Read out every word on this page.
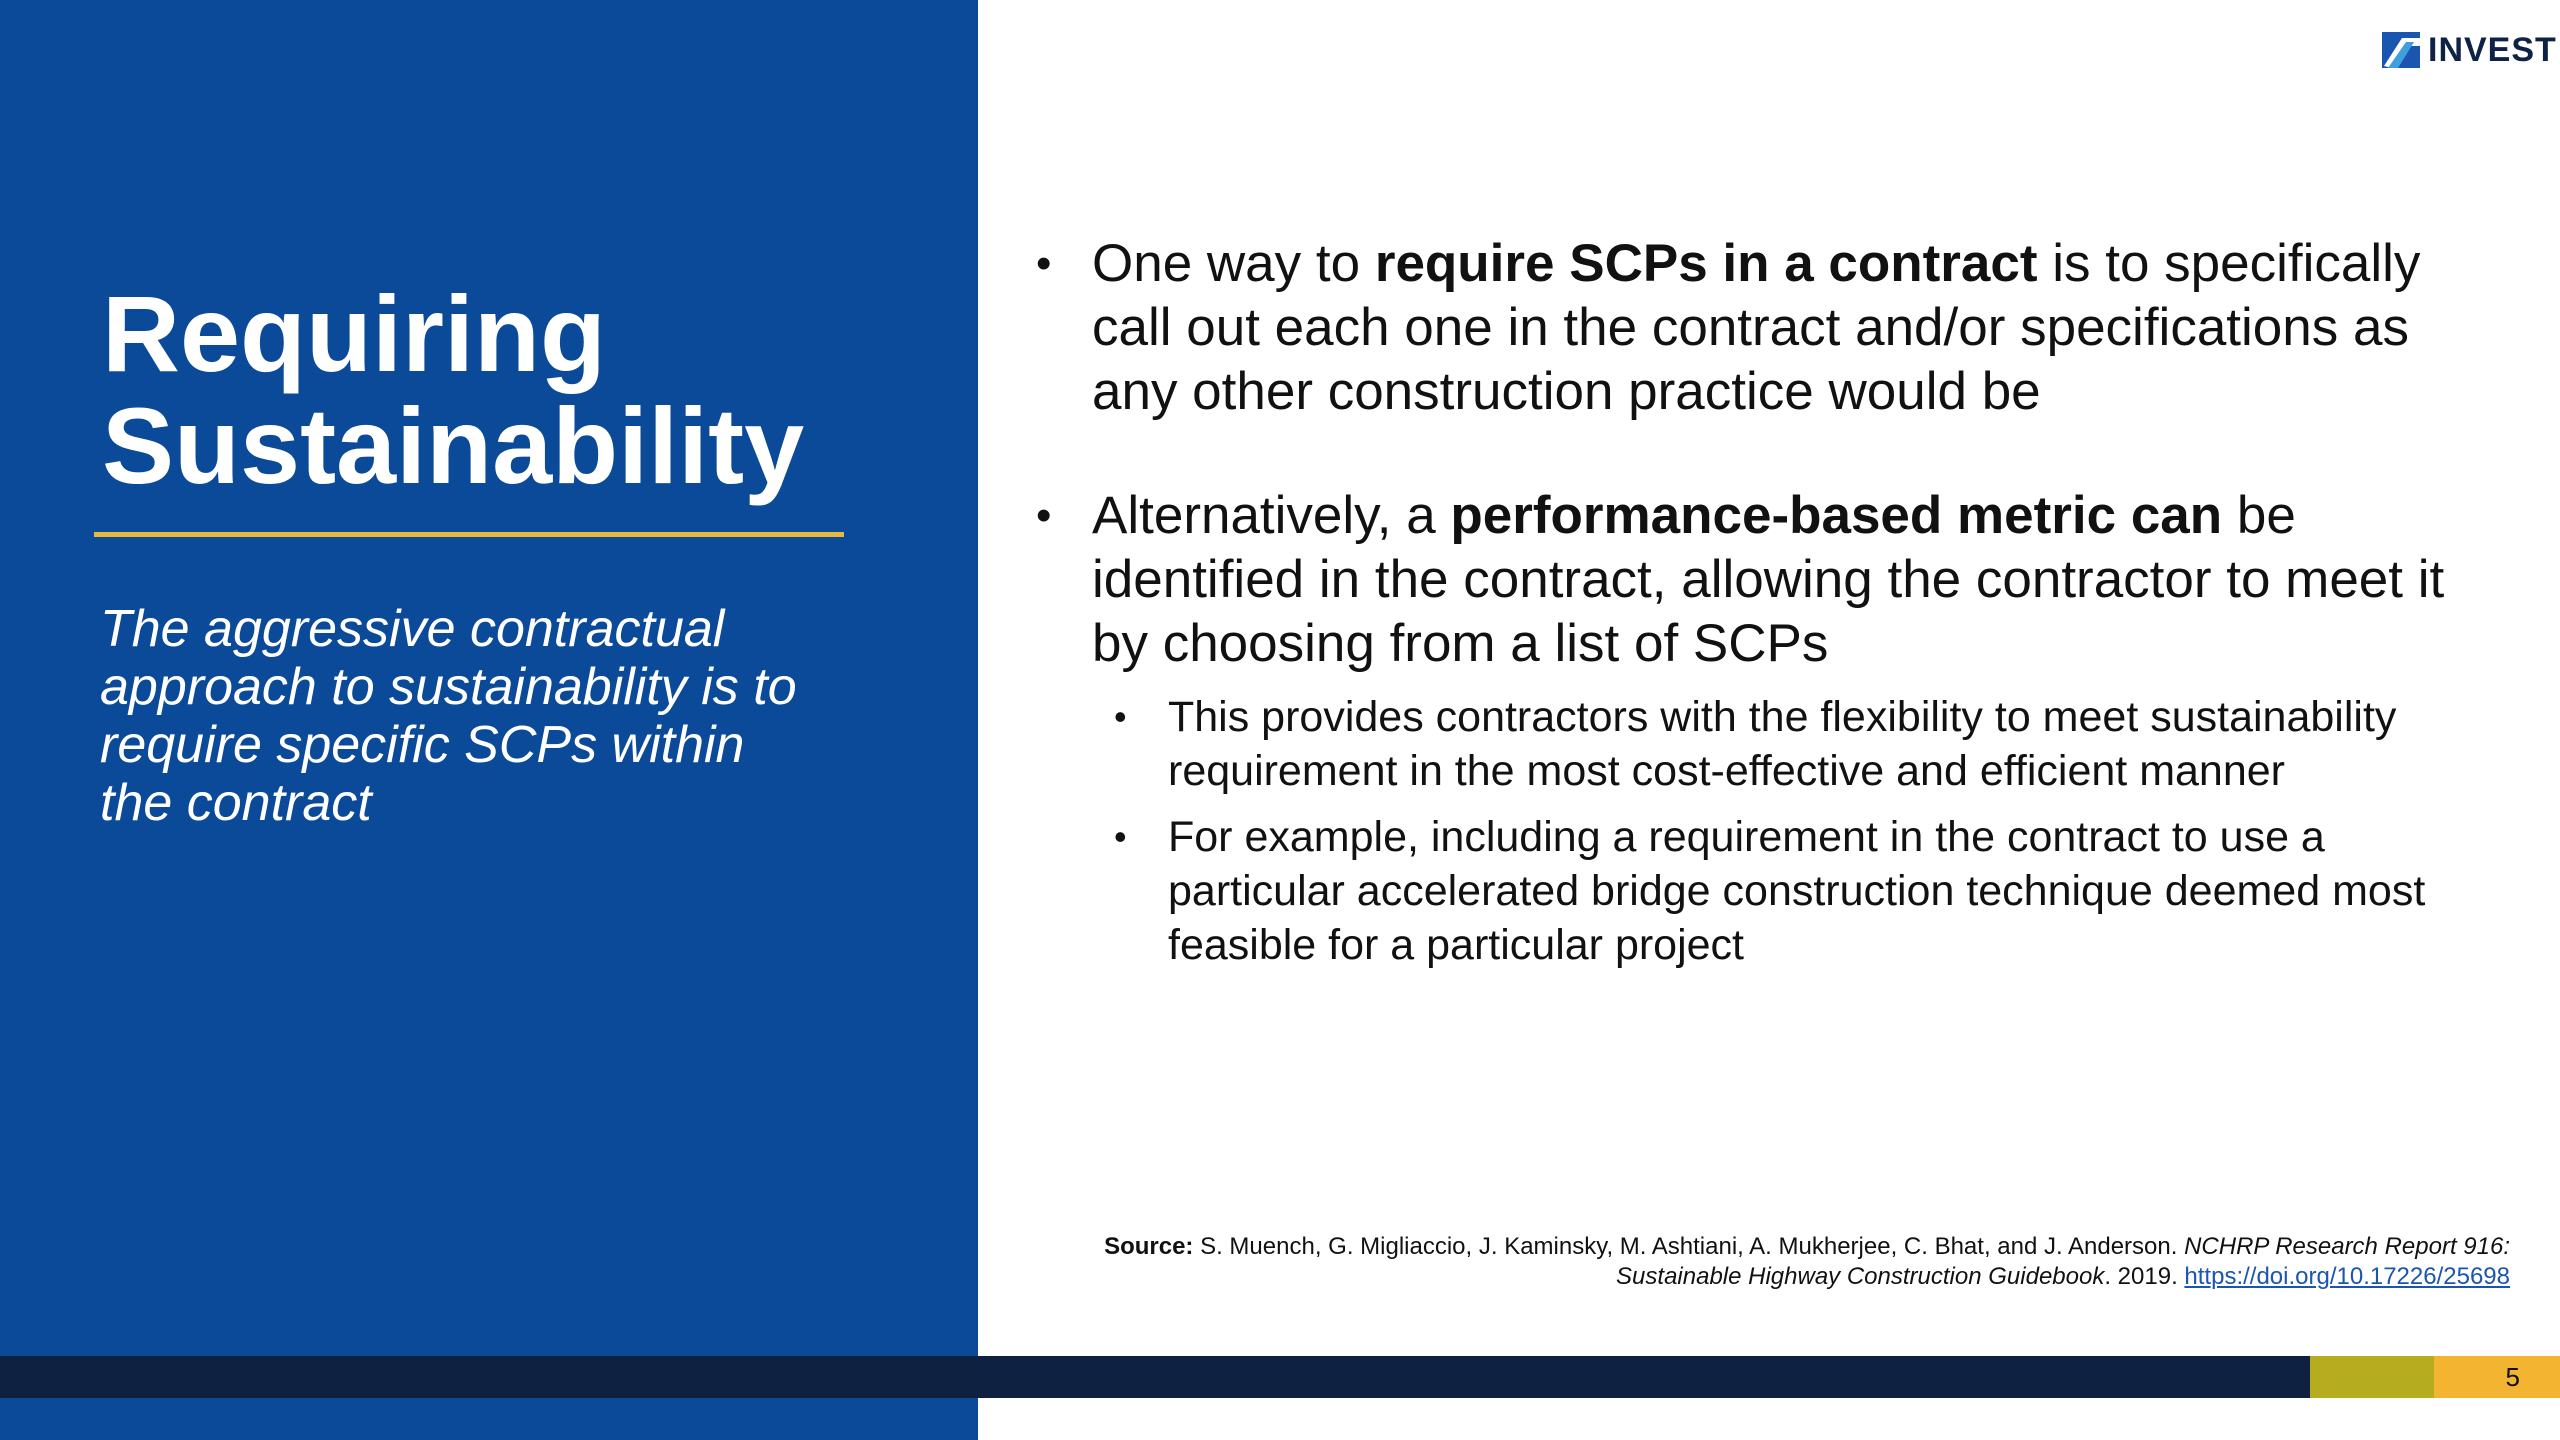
Requiring
Sustainability

The aggressive contractual approach to sustainability is to require specific SCPs within the contract

INVEST
• One way to require SCPs in a contract is to specifically call out each one in the contract and/or specifications as any other construction practice would be
• Alternatively, a performance-based metric can be identified in the contract, allowing the contractor to meet it by choosing from a list of SCPs
• This provides contractors with the flexibility to meet sustainability requirement in the most cost-effective and efficient manner
• For example, including a requirement in the contract to use a particular accelerated bridge construction technique deemed most feasible for a particular project
Source: S. Muench, G. Migliaccio, J. Kaminsky, M. Ashtiani, A. Mukherjee, C. Bhat, and J. Anderson. NCHRP Research Report 916: Sustainable Highway Construction Guidebook. 2019. https://doi.org/10.17226/25698
5
